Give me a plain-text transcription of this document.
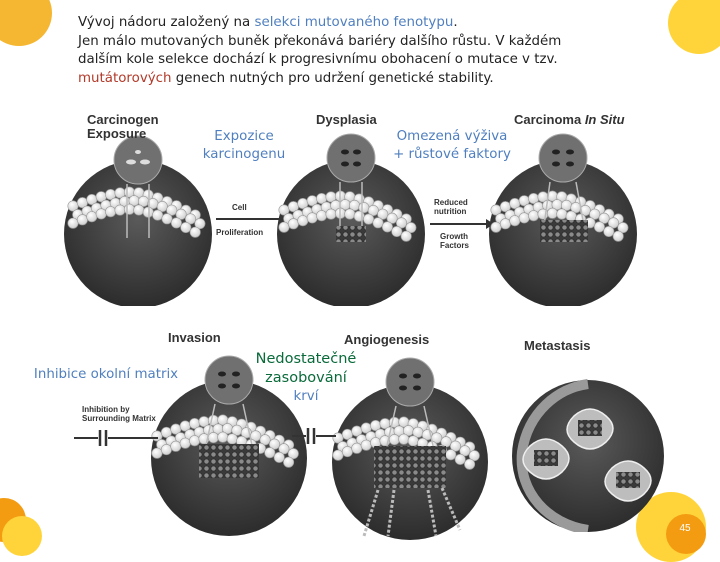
45
Vývoj nádoru založený na selekci mutovaného fenotypu.
Jen málo mutovaných buněk překonává bariéry dalšího růstu. V každém
dalším kole selekce dochází k progresivnímu obohacení o mutace v tzv.
mutátorových genech nutných pro udržení genetické stability.
Carcinogen
Exposure	Expozice
karcinogenu
Cell
Proliferation
Dysplasia
Omezená výživa
+ růstové faktory
Reduced
nutrition
Growth
Factors
Carcinoma In Situ
Invasion
Inhibice okolní matrix
Inhibition by
Surrounding Matrix
Angiogenesis
Nedostatečné
zasobování
krví
Metastasis
